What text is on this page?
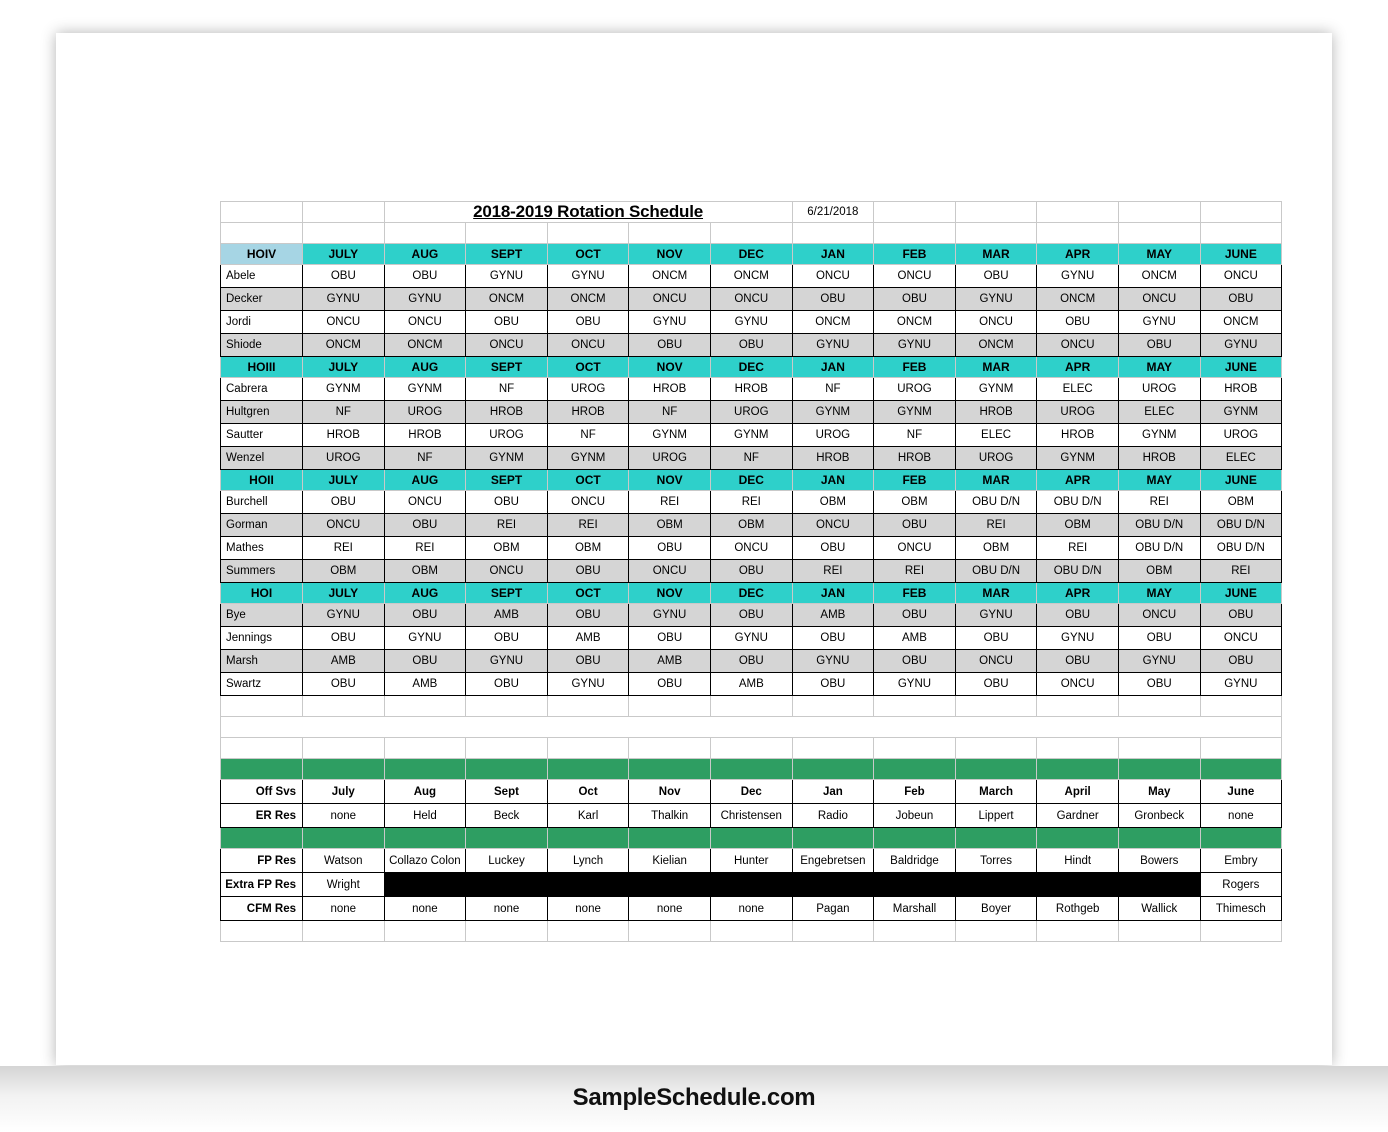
		2018-2019 Rotation Schedule					6/21/2018					

HOIV	JULY	AUG	SEPT	OCT	NOV	DEC	JAN	FEB	MAR	APR	MAY	JUNE
Abele	OBU	OBU	GYNU	GYNU	ONCM	ONCM	ONCU	ONCU	OBU	GYNU	ONCM	ONCU
Decker	GYNU	GYNU	ONCM	ONCM	ONCU	ONCU	OBU	OBU	GYNU	ONCM	ONCU	OBU
Jordi	ONCU	ONCU	OBU	OBU	GYNU	GYNU	ONCM	ONCM	ONCU	OBU	GYNU	ONCM
Shiode	ONCM	ONCM	ONCU	ONCU	OBU	OBU	GYNU	GYNU	ONCM	ONCU	OBU	GYNU
HOIII	JULY	AUG	SEPT	OCT	NOV	DEC	JAN	FEB	MAR	APR	MAY	JUNE
Cabrera	GYNM	GYNM	NF	UROG	HROB	HROB	NF	UROG	GYNM	ELEC	UROG	HROB
Hultgren	NF	UROG	HROB	HROB	NF	UROG	GYNM	GYNM	HROB	UROG	ELEC	GYNM
Sautter	HROB	HROB	UROG	NF	GYNM	GYNM	UROG	NF	ELEC	HROB	GYNM	UROG
Wenzel	UROG	NF	GYNM	GYNM	UROG	NF	HROB	HROB	UROG	GYNM	HROB	ELEC
HOII	JULY	AUG	SEPT	OCT	NOV	DEC	JAN	FEB	MAR	APR	MAY	JUNE
Burchell	OBU	ONCU	OBU	ONCU	REI	REI	OBM	OBM	OBU D/N	OBU D/N	REI	OBM
Gorman	ONCU	OBU	REI	REI	OBM	OBM	ONCU	OBU	REI	OBM	OBU D/N	OBU D/N
Mathes	REI	REI	OBM	OBM	OBU	ONCU	OBU	ONCU	OBM	REI	OBU D/N	OBU D/N
Summers	OBM	OBM	ONCU	OBU	ONCU	OBU	REI	REI	OBU D/N	OBU D/N	OBM	REI
HOI	JULY	AUG	SEPT	OCT	NOV	DEC	JAN	FEB	MAR	APR	MAY	JUNE
Bye	GYNU	OBU	AMB	OBU	GYNU	OBU	AMB	OBU	GYNU	OBU	ONCU	OBU
Jennings	OBU	GYNU	OBU	AMB	OBU	GYNU	OBU	AMB	OBU	GYNU	OBU	ONCU
Marsh	AMB	OBU	GYNU	OBU	AMB	OBU	GYNU	OBU	ONCU	OBU	GYNU	OBU
Swartz	OBU	AMB	OBU	GYNU	OBU	AMB	OBU	GYNU	OBU	ONCU	OBU	GYNU

Off Svs	July	Aug	Sept	Oct	Nov	Dec	Jan	Feb	March	April	May	June
ER Res	none	Held	Beck	Karl	Thalkin	Christensen	Radio	Jobeun	Lippert	Gardner	Gronbeck	none

FP Res	Watson	Collazo Colon	Luckey	Lynch	Kielian	Hunter	Engebretsen	Baldridge	Torres	Hindt	Bowers	Embry
Extra FP Res	Wright											Rogers
CFM Res	none	none	none	none	none	none	Pagan	Marshall	Boyer	Rothgeb	Wallick	Thimesch

SampleSchedule.com
